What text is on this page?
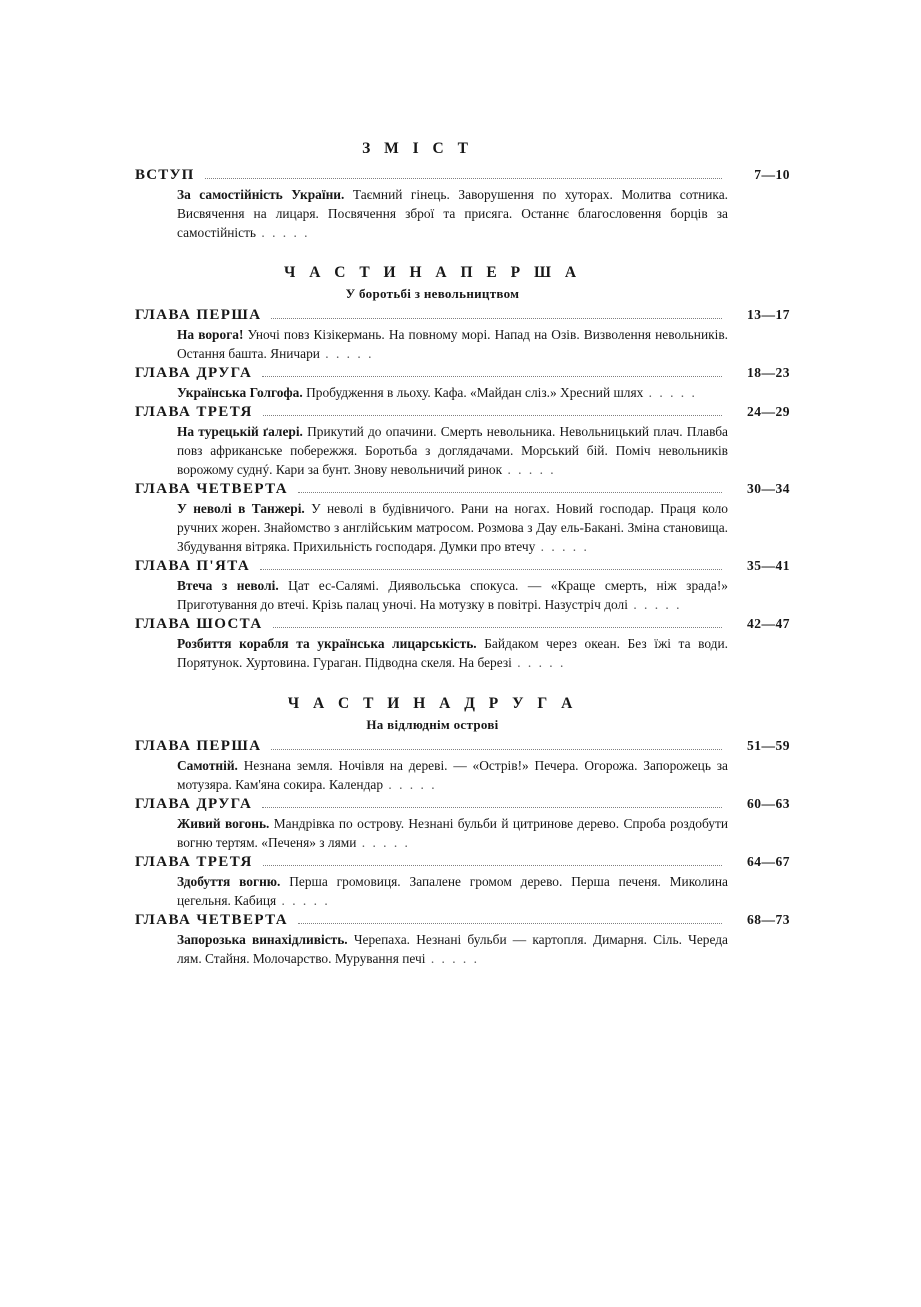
З М І С Т
ВСТУП	7—10
За самостійність України. Таємний гінець. Заворушення по хуторах. Молитва сотника. Висвячення на лицаря. Посвячення зброї та присяга. Останнє благословення борців за самостійність . . . . .
Ч А С Т И Н А П Е Р Ш А
У боротьбі з невольництвом
ГЛАВА ПЕРША	13—17
На ворога! Уночі повз Кізікермань. На повному морі. Напад на Озів. Визволення невольників. Остання башта. Яничари . . . . .
ГЛАВА ДРУГА	18—23
Українська Голгофа. Пробудження в льоху. Кафа. «Майдан сліз.» Хресний шлях . . . . .
ГЛАВА ТРЕТЯ	24—29
На турецькій ґалері. Прикутий до опачини. Смерть невольника. Невольницький плач. Плавба повз африканське побережжя. Боротьба з доглядачами. Морський бій. Поміч невольників ворожому суднý. Кари за бунт. Знову невольничий ринок . . . . .
ГЛАВА ЧЕТВЕРТА	30—34
У неволі в Танжері. У неволі в будівничого. Рани на ногах. Новий господар. Праця коло ручних жорен. Знайомство з англійським матросом. Розмова з Дау ель-Бакані. Зміна становища. Збудування вітряка. Прихильність господаря. Думки про втечу . . . . .
ГЛАВА П'ЯТА	35—41
Втеча з неволі. Цат ес-Салямі. Диявольська спокуса. — «Краще смерть, ніж зрада!» Приготування до втечі. Крізь палац уночі. На мотузку в повітрі. Назустріч долі . . . . .
ГЛАВА ШОСТА	42—47
Розбиття корабля та українська лицарськість. Байдаком через океан. Без їжі та води. Порятунок. Хуртовина. Гураган. Підводна скеля. На березі . . . . .
Ч А С Т И Н А Д Р У Г А
На відлюднім острові
ГЛАВА ПЕРША	51—59
Самотній. Незнана земля. Ночівля на дереві. — «Острів!» Печера. Огорожа. Запорожець за мотузяра. Кам'яна сокира. Календар . . . . .
ГЛАВА ДРУГА	60—63
Живий вогонь. Мандрівка по острову. Незнані бульби й цитринове дерево. Спроба роздобути вогню тертям. «Печеня» з лями . . . . .
ГЛАВА ТРЕТЯ	64—67
Здобуття вогню. Перша громовиця. Запалене громом дерево. Перша печеня. Миколина цегельня. Кабиця . . . . .
ГЛАВА ЧЕТВЕРТА	68—73
Запорозька винахідливість. Черепаха. Незнані бульби — картопля. Димарня. Сіль. Череда лям. Стайня. Молочарство. Мурування печі . . . . .
